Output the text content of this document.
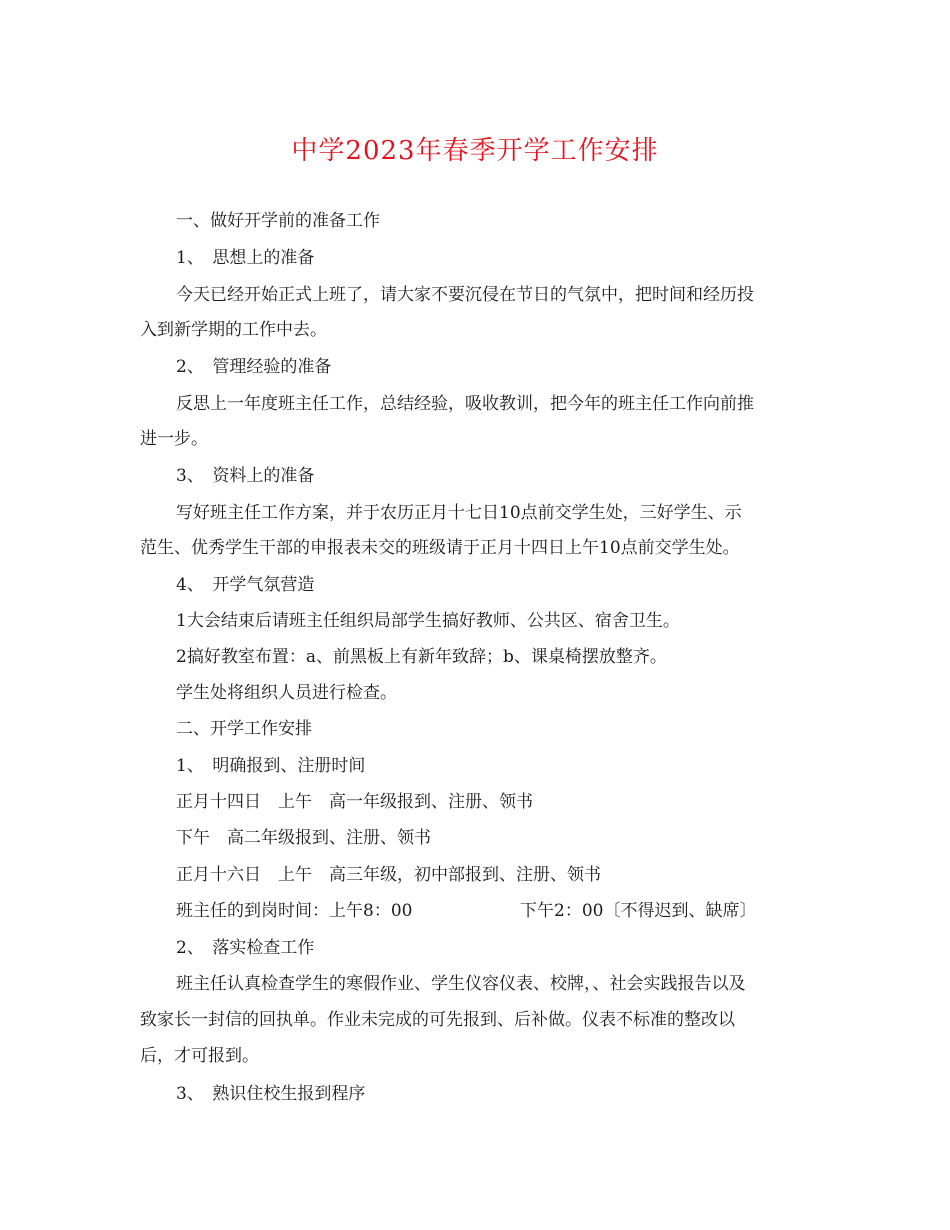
中学2023年春季开学工作安排
一、做好开学前的准备工作
1、　思想上的准备
今天已经开始正式上班了，请大家不要沉侵在节日的气氛中，把时间和经历投
入到新学期的工作中去。
2、　管理经验的准备
反思上一年度班主任工作，总结经验，吸收教训，把今年的班主任工作向前推
进一步。
3、　资料上的准备
写好班主任工作方案，并于农历正月十七日10点前交学生处，三好学生、示
范生、优秀学生干部的申报表未交的班级请于正月十四日上午10点前交学生处。
4、　开学气氛营造
1大会结束后请班主任组织局部学生搞好教师、公共区、宿舍卫生。
2搞好教室布置：a、前黑板上有新年致辞；b、课桌椅摆放整齐。
学生处将组织人员进行检查。
二、开学工作安排
1、　明确报到、注册时间
正月十四日　上午　高一年级报到、注册、领书
下午　高二年级报到、注册、领书
正月十六日　上午　高三年级，初中部报到、注册、领书
班主任的到岗时间：上午8：00	下午2：00〔不得迟到、缺席〕
2、　落实检查工作
班主任认真检查学生的寒假作业、学生仪容仪表、校牌，、社会实践报告以及
致家长一封信的回执单。作业未完成的可先报到、后补做。仪表不标准的整改以
后，才可报到。
3、　熟识住校生报到程序
